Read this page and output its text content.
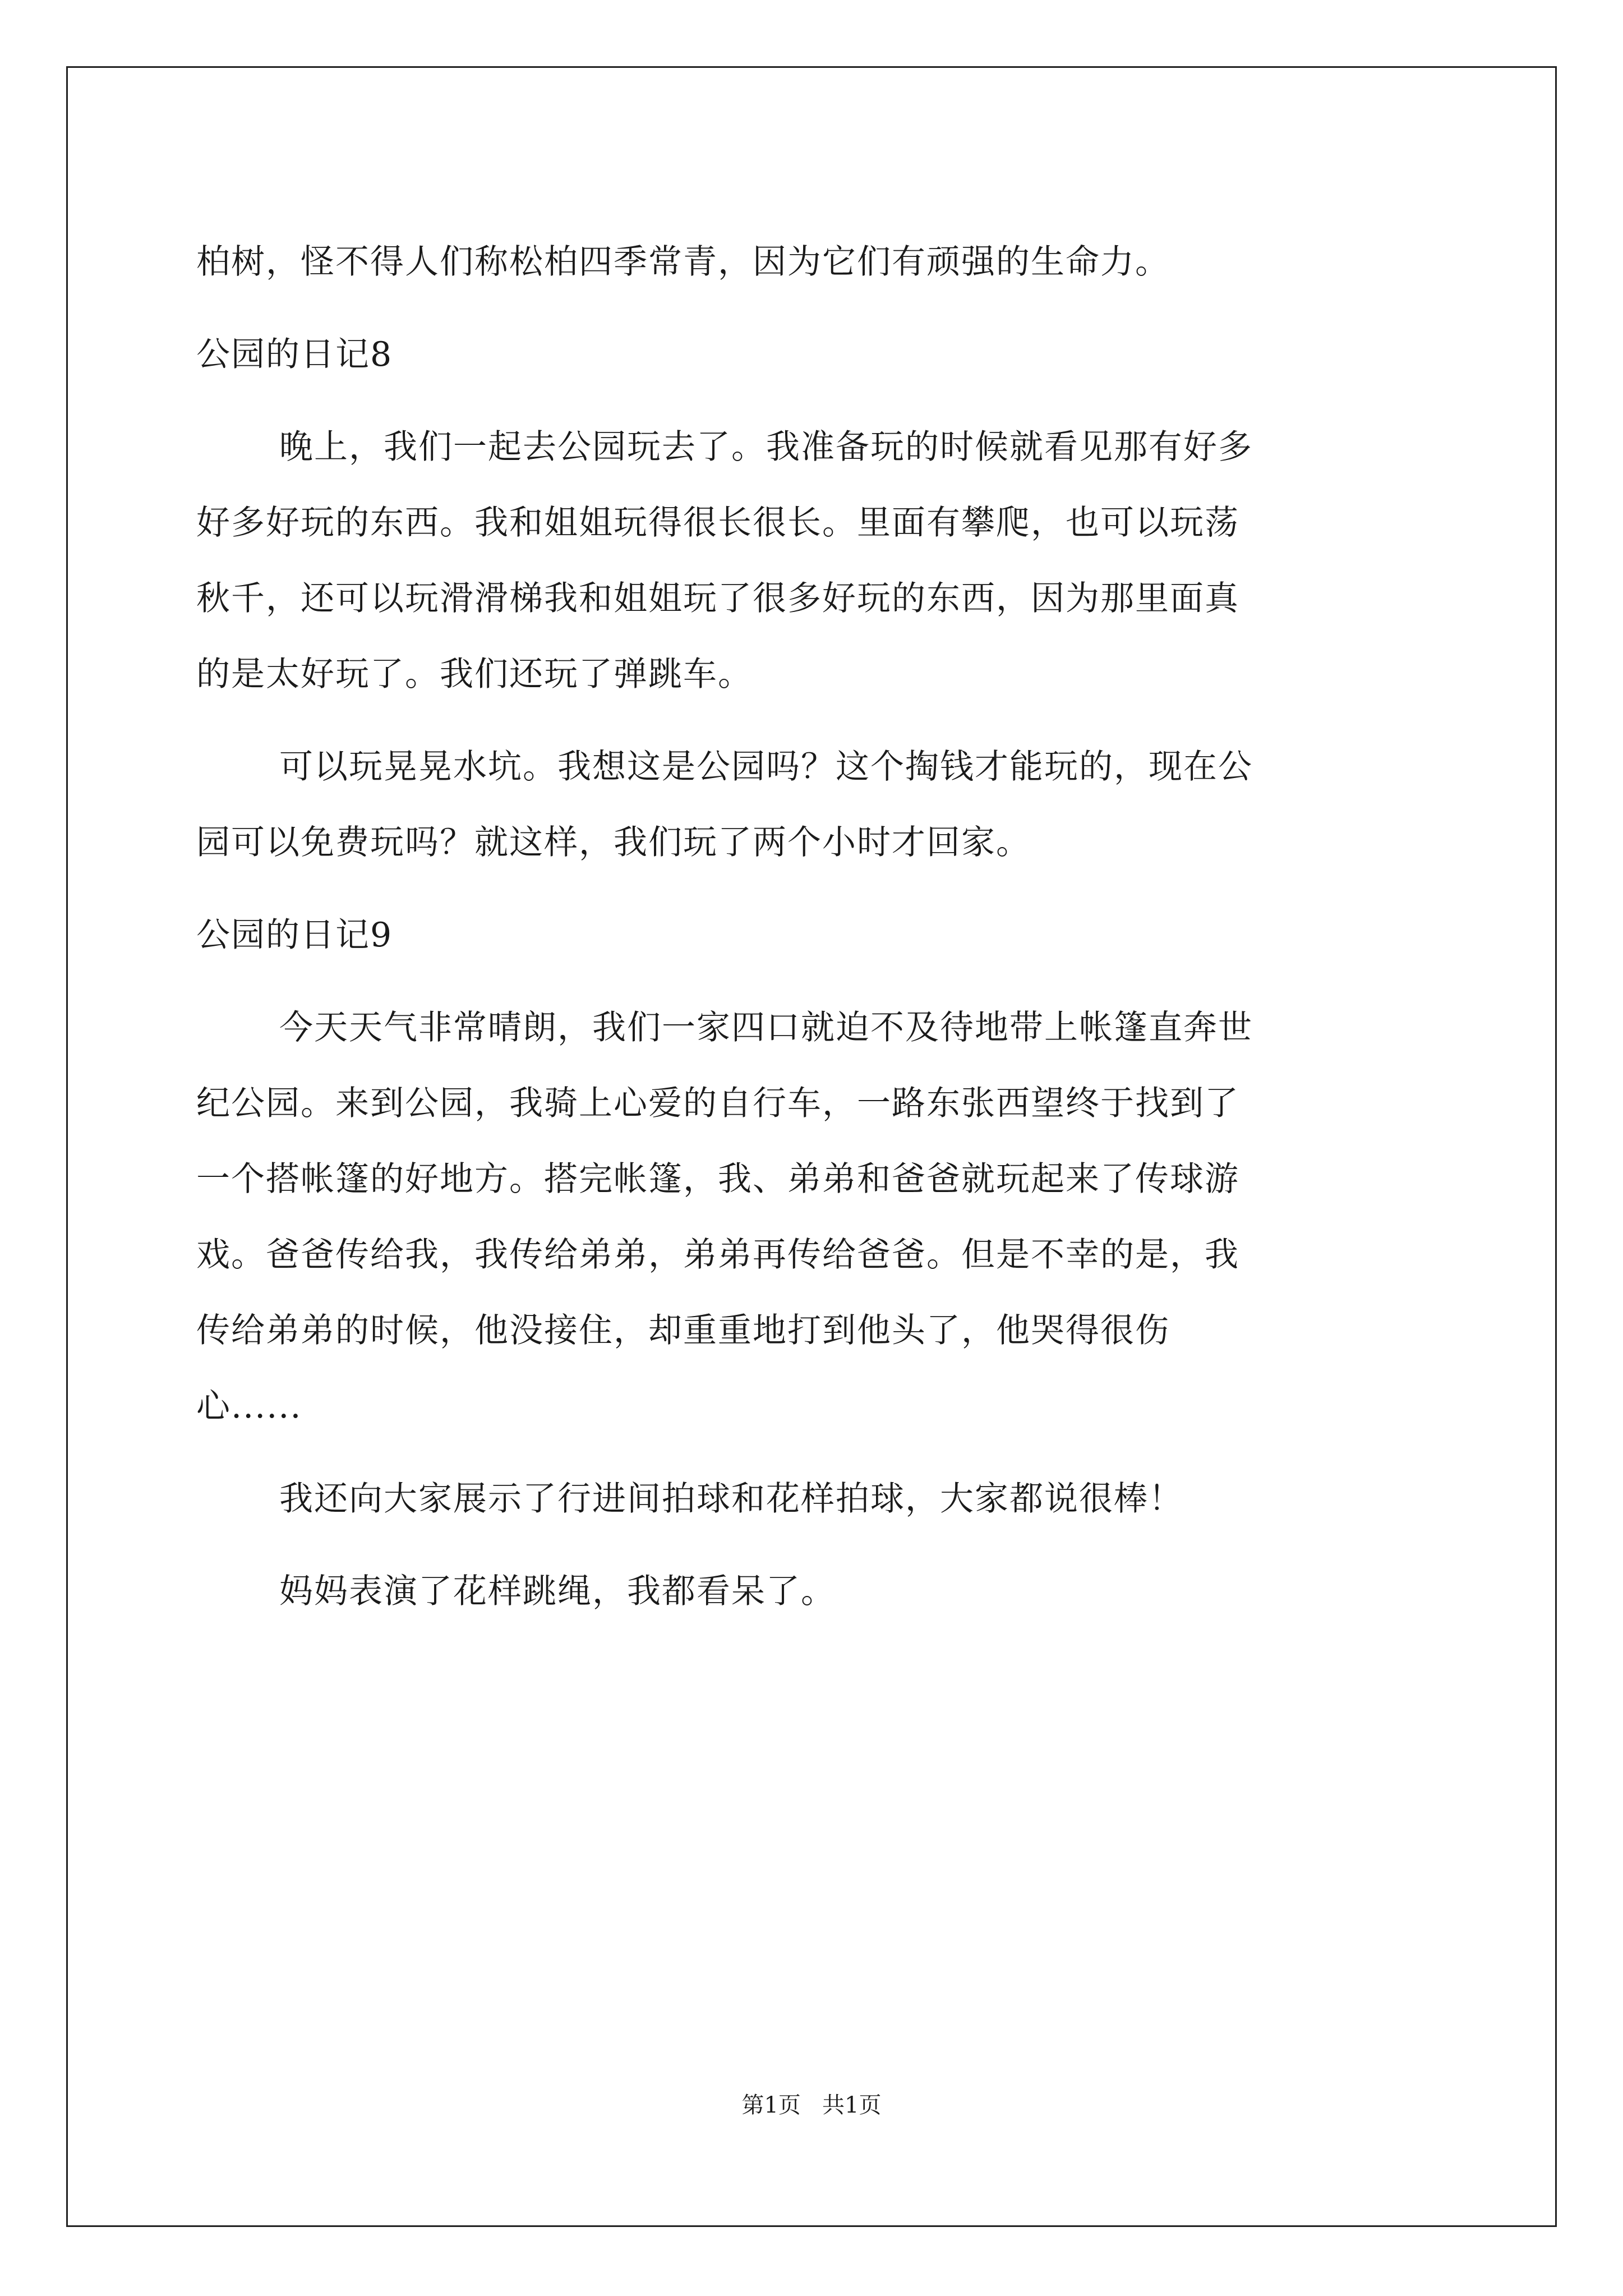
柏树，怪不得人们称松柏四季常青，因为它们有顽强的生命力。
公园的日记8
晚上，我们一起去公园玩去了。我准备玩的时候就看见那有好多
好多好玩的东西。我和姐姐玩得很长很长。里面有攀爬，也可以玩荡
秋千，还可以玩滑滑梯我和姐姐玩了很多好玩的东西，因为那里面真
的是太好玩了。我们还玩了弹跳车。
可以玩晃晃水坑。我想这是公园吗？这个掏钱才能玩的，现在公
园可以免费玩吗？就这样，我们玩了两个小时才回家。
公园的日记9
今天天气非常晴朗，我们一家四口就迫不及待地带上帐篷直奔世
纪公园。来到公园，我骑上心爱的自行车，一路东张西望终于找到了
一个搭帐篷的好地方。搭完帐篷，我、弟弟和爸爸就玩起来了传球游
戏。爸爸传给我，我传给弟弟，弟弟再传给爸爸。但是不幸的是，我
传给弟弟的时候，他没接住，却重重地打到他头了，他哭得很伤
心......
我还向大家展示了行进间拍球和花样拍球，大家都说很棒！
妈妈表演了花样跳绳，我都看呆了。
第1页   共1页
